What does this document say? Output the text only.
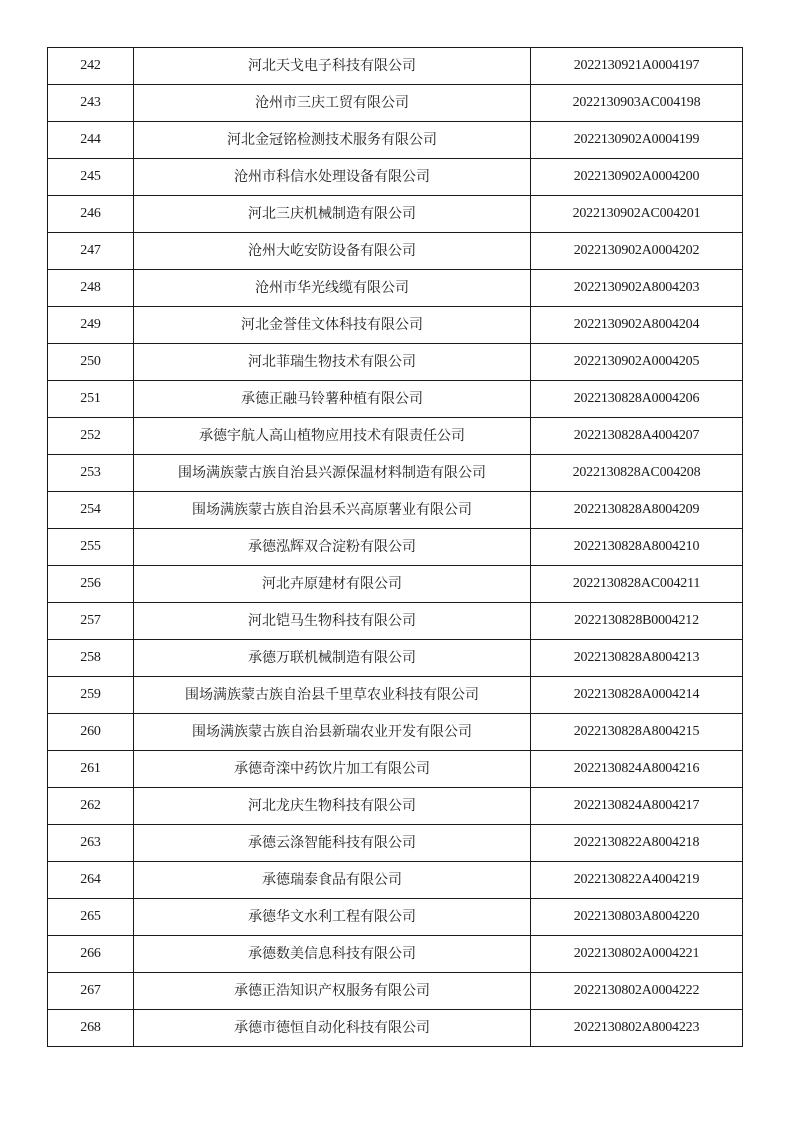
242	河北天戈电子科技有限公司	2022130921A0004197
243	沧州市三庆工贸有限公司	2022130903AC004198
244	河北金冠铭检测技术服务有限公司	2022130902A0004199
245	沧州市科信水处理设备有限公司	2022130902A0004200
246	河北三庆机械制造有限公司	2022130902AC004201
247	沧州大屹安防设备有限公司	2022130902A0004202
248	沧州市华光线缆有限公司	2022130902A8004203
249	河北金誉佳文体科技有限公司	2022130902A8004204
250	河北菲瑞生物技术有限公司	2022130902A0004205
251	承德正融马铃薯种植有限公司	2022130828A0004206
252	承德宇航人高山植物应用技术有限责任公司	2022130828A4004207
253	围场满族蒙古族自治县兴源保温材料制造有限公司	2022130828AC004208
254	围场满族蒙古族自治县禾兴高原薯业有限公司	2022130828A8004209
255	承德泓辉双合淀粉有限公司	2022130828A8004210
256	河北卉原建材有限公司	2022130828AC004211
257	河北铠马生物科技有限公司	2022130828B0004212
258	承德万联机械制造有限公司	2022130828A8004213
259	围场满族蒙古族自治县千里草农业科技有限公司	2022130828A0004214
260	围场满族蒙古族自治县新瑞农业开发有限公司	2022130828A8004215
261	承德奇滦中药饮片加工有限公司	2022130824A8004216
262	河北龙庆生物科技有限公司	2022130824A8004217
263	承德云涤智能科技有限公司	2022130822A8004218
264	承德瑞泰食品有限公司	2022130822A4004219
265	承德华文水利工程有限公司	2022130803A8004220
266	承德数美信息科技有限公司	2022130802A0004221
267	承德正浩知识产权服务有限公司	2022130802A0004222
268	承德市德恒自动化科技有限公司	2022130802A8004223
